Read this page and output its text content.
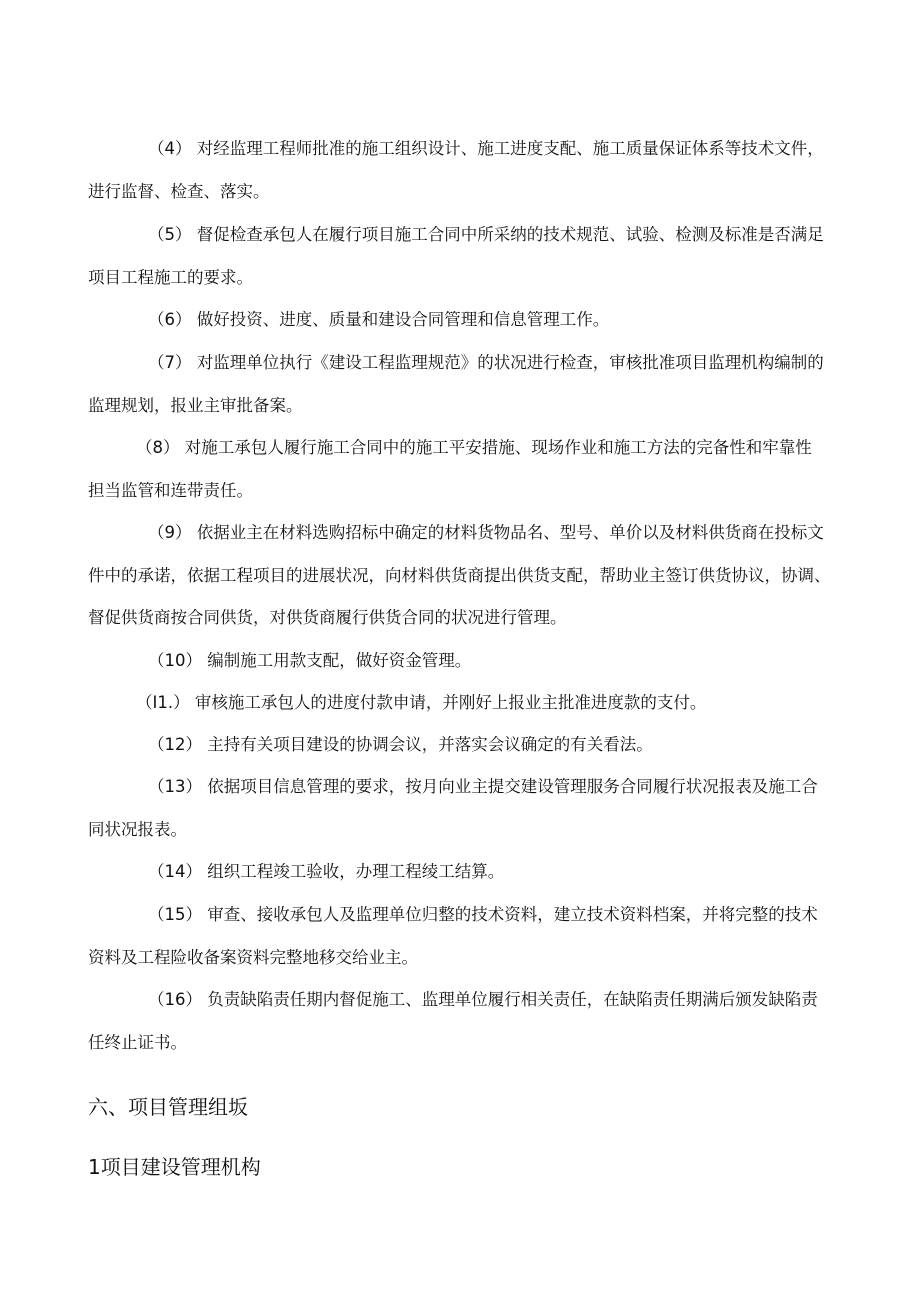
（4） 对经监理工程师批准的施工组织设计、施工进度支配、施工质量保证体系等技术文件，
进行监督、检查、落实。
（5） 督促检查承包人在履行项目施工合同中所采纳的技术规范、试验、检测及标准是否满足
项目工程施工的要求。
（6） 做好投资、进度、质量和建设合同管理和信息管理工作。
（7） 对监理单位执行《建设工程监理规范》的状况进行检查，审核批准项目监理机构编制的
监理规划，报业主审批备案。
（8） 对施工承包人履行施工合同中的施工平安措施、现场作业和施工方法的完备性和牢靠性
担当监管和连带责任。
（9） 依据业主在材料选购招标中确定的材料货物品名、型号、单价以及材料供货商在投标文
件中的承诺，依据工程项目的进展状况，向材料供货商提出供货支配，帮助业主签订供货协议，协调、
督促供货商按合同供货，对供货商履行供货合同的状况进行管理。
（10） 编制施工用款支配，做好资金管理。
（I1.） 审核施工承包人的进度付款申请，并刚好上报业主批准进度款的支付。
（12） 主持有关项目建设的协调会议，并落实会议确定的有关看法。
（13） 依据项目信息管理的要求，按月向业主提交建设管理服务合同履行状况报表及施工合
同状况报表。
（14） 组织工程竣工验收，办理工程绫工结算。
（15） 审查、接收承包人及监理单位归整的技术资料，建立技术资料档案，并将完整的技术
资料及工程险收备案资料完整地移交给业主。
（16） 负责缺陷责任期内督促施工、监理单位履行相关责任，在缺陷责任期满后颁发缺陷责
任终止证书。
六、项目管理组坂
1项目建设管理机构
